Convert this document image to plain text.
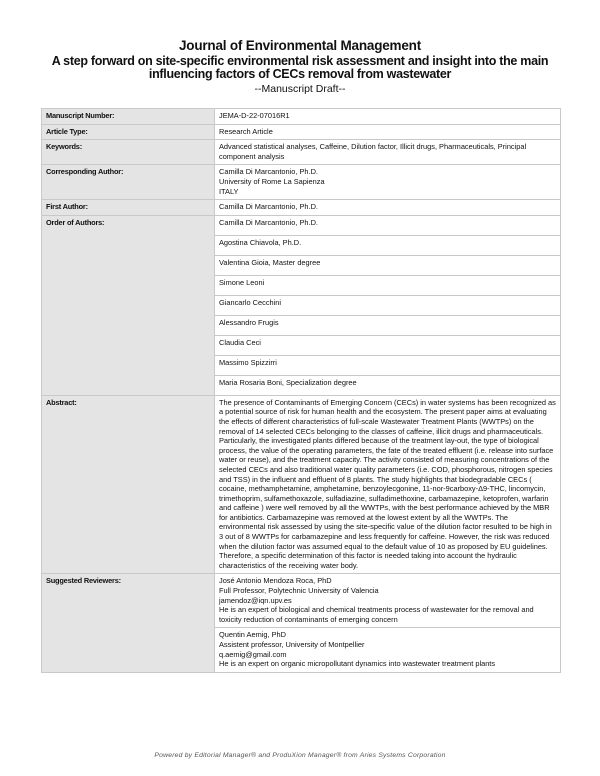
Journal of Environmental Management
A step forward on site-specific environmental risk assessment and insight into the main influencing factors of CECs removal from wastewater
--Manuscript Draft--
Manuscript Number:	JEMA-D-22-07016R1
Article Type:	Research Article
Keywords:	Advanced statistical analyses, Caffeine, Dilution factor, Illicit drugs, Pharmaceuticals, Principal component analysis
Corresponding Author:	Camilla Di Marcantonio, Ph.D.
University of Rome La Sapienza
ITALY

First Author:	Camilla Di Marcantonio, Ph.D.
Order of Authors:	Camilla Di Marcantonio, Ph.D.
	Agostina Chiavola, Ph.D.
	Valentina Gioia, Master degree
	Simone Leoni
	Giancarlo Cecchini
	Alessandro Frugis
	Claudia Ceci
	Massimo Spizzirri
	Maria Rosaria Boni, Specialization degree
Abstract:	The presence of Contaminants of Emerging Concern (CECs) in water systems has been recognized as a potential source of risk for human health and the ecosystem. The present paper aims at evaluating the effects of different characteristics of full-scale Wastewater Treatment Plants (WWTPs) on the removal of 14 selected CECs belonging to the classes of caffeine, illicit drugs and pharmaceuticals. Particularly, the investigated plants differed because of the treatment lay-out, the type of biological process, the value of the operating parameters, the fate of the treated effluent (i.e. release into surface water or reuse), and the treatment capacity. The activity consisted of measuring concentrations of the selected CECs and also traditional water quality parameters (i.e. COD, phosphorous, nitrogen species and TSS) in the influent and effluent of 8 plants. The study highlights that biodegradable CECs ( cocaine, methamphetamine, amphetamine, benzoylecgonine, 11-nor-9carboxy-Δ9-THC, lincomycin, trimethoprim, sulfamethoxazole, sulfadiazine, sulfadimethoxine, carbamazepine, ketoprofen, warfarin and caffeine ) were well removed by all the WWTPs, with the best performance achieved by the MBR for antibiotics. Carbamazepine was removed at the lowest extent by all the WWTPs. The environmental risk assessed by using the site-specific value of the dilution factor resulted to be high in 3 out of 8 WWTPs for carbamazepine and less frequently for caffeine. However, the risk was reduced when the dilution factor was assumed equal to the default value of 10 as proposed by EU guidelines. Therefore, a specific determination of this factor is needed taking into account the hydraulic characteristics of the receiving water body.
Suggested Reviewers:	José Antonio Mendoza Roca, PhD
Full Professor, Polytechnic University of Valencia
jamendoz@iqn.upv.es
He is an expert of biological and chemical treatments process of wastewater for the removal and toxicity reduction of contaminants of emerging concern

	Quentin Aemig, PhD
Assistent professor, University of Montpellier
q.aemig@gmail.com
He is an expert on organic micropollutant dynamics into wastewater treatment plants
Powered by Editorial Manager® and ProduXion Manager® from Aries Systems Corporation
